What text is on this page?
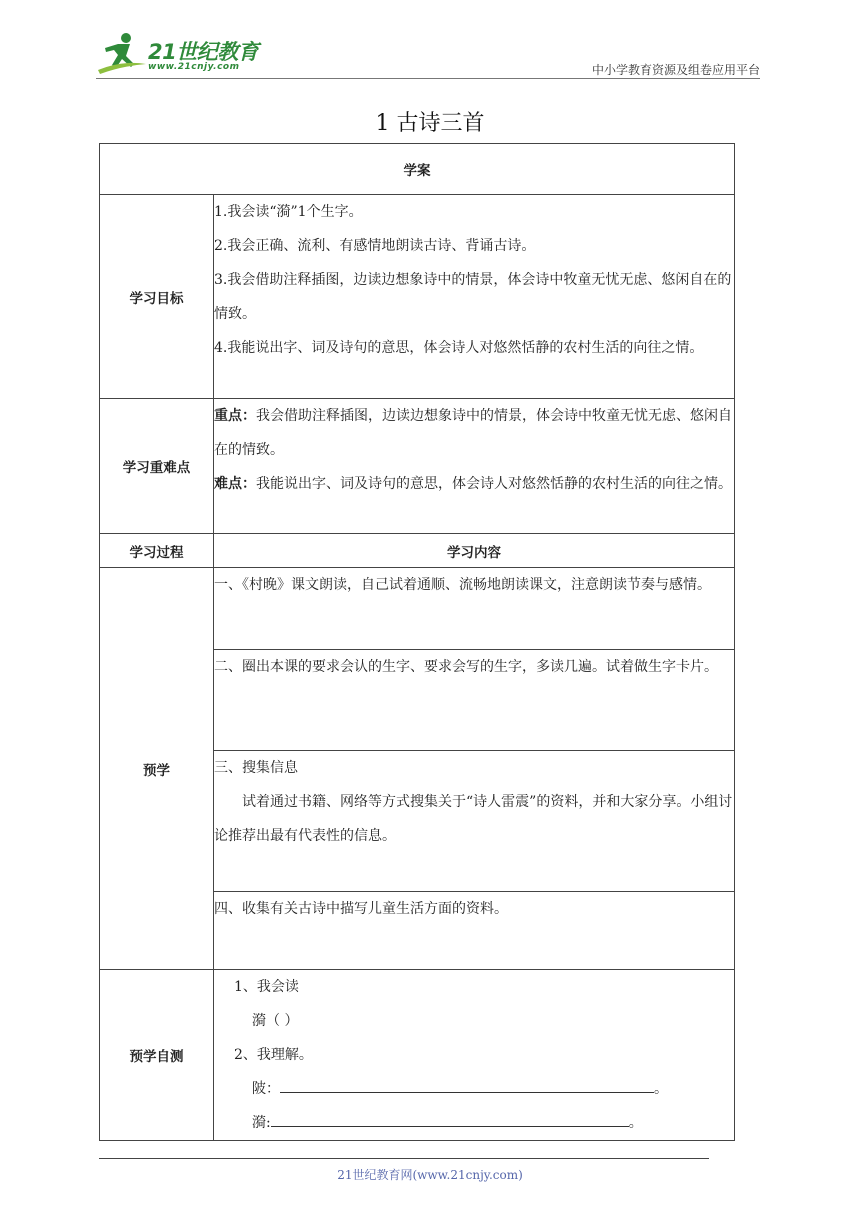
21世纪教育
www.21cnjy.com	中小学教育资源及组卷应用平台
1 古诗三首
学案	
学习目标	1.我会读“漪”1个生字。

2.我会正确、流利、有感情地朗读古诗、背诵古诗。

3.我会借助注释插图，边读边想象诗中的情景，体会诗中牧童无忧无虑、悠闲自在的情致。

4.我能说出字、词及诗句的意思，体会诗人对悠然恬静的农村生活的向往之情。

学习重难点	重点：我会借助注释插图，边读边想象诗中的情景，体会诗中牧童无忧无虑、悠闲自在的情致。

难点：我能说出字、词及诗句的意思，体会诗人对悠然恬静的农村生活的向往之情。

学习过程	学习内容
预学	一、《村晚》课文朗读，自己试着通顺、流畅地朗读课文，注意朗读节奏与感情。
	二、圈出本课的要求会认的生字、要求会写的生字，多读几遍。试着做生字卡片。

	三、搜集信息

试着通过书籍、网络等方式搜集关于“诗人雷震”的资料，并和大家分享。小组讨论推荐出最有代表性的信息。

	四、收集有关古诗中描写儿童生活方面的资料。
预学自测	1、我会读

漪（ ）

2、我理解。

陂： 。

漪: 。

21世纪教育网(www.21cnjy.com)
